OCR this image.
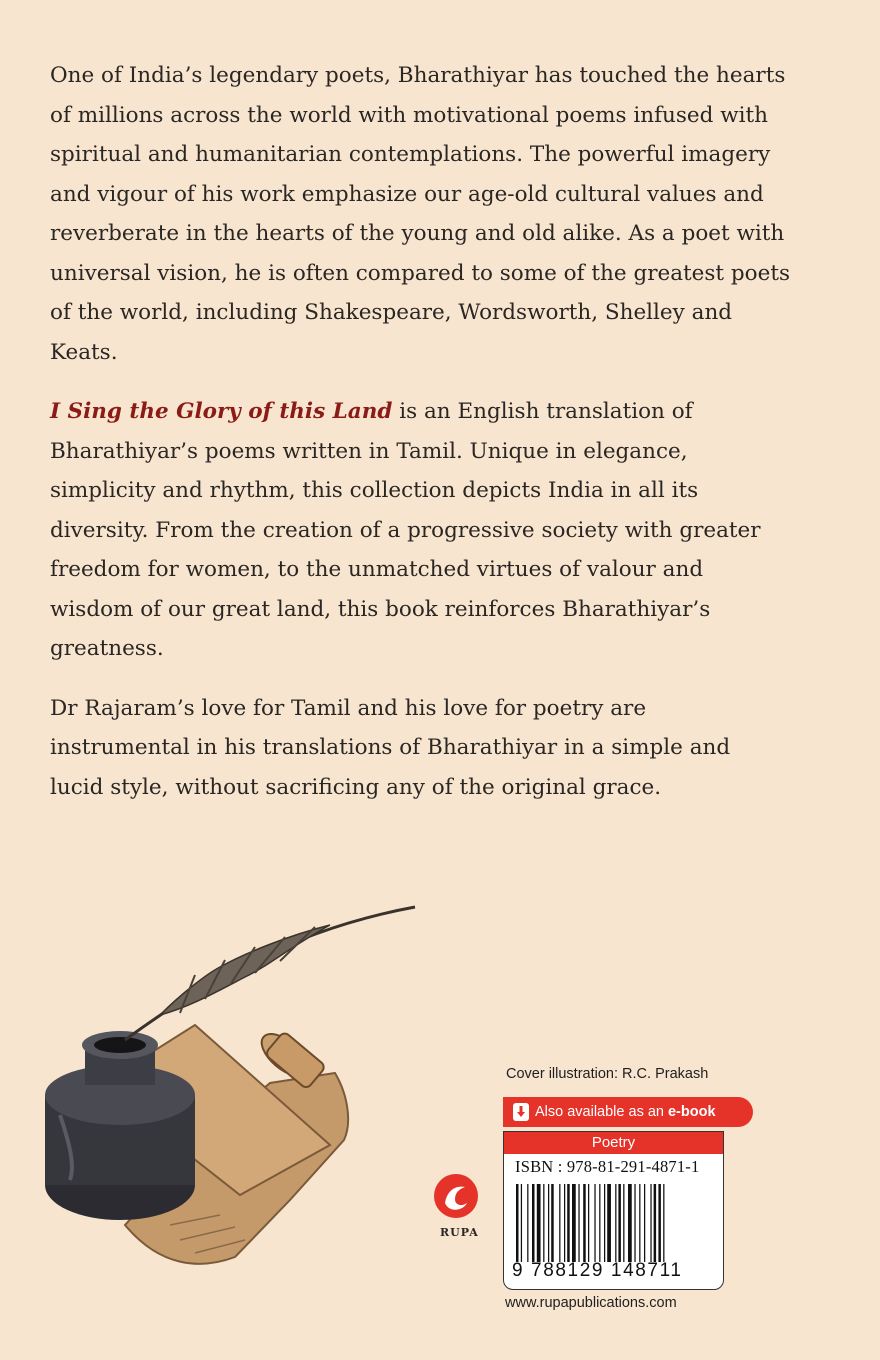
One of India’s legendary poets, Bharathiyar has touched the hearts of millions across the world with motivational poems infused with spiritual and humanitarian contemplations. The powerful imagery and vigour of his work emphasize our age-old cultural values and reverberate in the hearts of the young and old alike. As a poet with universal vision, he is often compared to some of the greatest poets of the world, including Shakespeare, Wordsworth, Shelley and Keats.

I Sing the Glory of this Land is an English translation of Bharathiyar’s poems written in Tamil. Unique in elegance, simplicity and rhythm, this collection depicts India in all its diversity. From the creation of a progressive society with greater freedom for women, to the unmatched virtues of valour and wisdom of our great land, this book reinforces Bharathiyar’s greatness.

Dr Rajaram’s love for Tamil and his love for poetry are instrumental in his translations of Bharathiyar in a simple and lucid style, without sacrificing any of the original grace.

Cover illustration: R.C. Prakash
Also available as an e-book
Poetry
ISBN : 978-81-291-4871-1
9 788129 148711
www.rupapublications.com
RUPA
